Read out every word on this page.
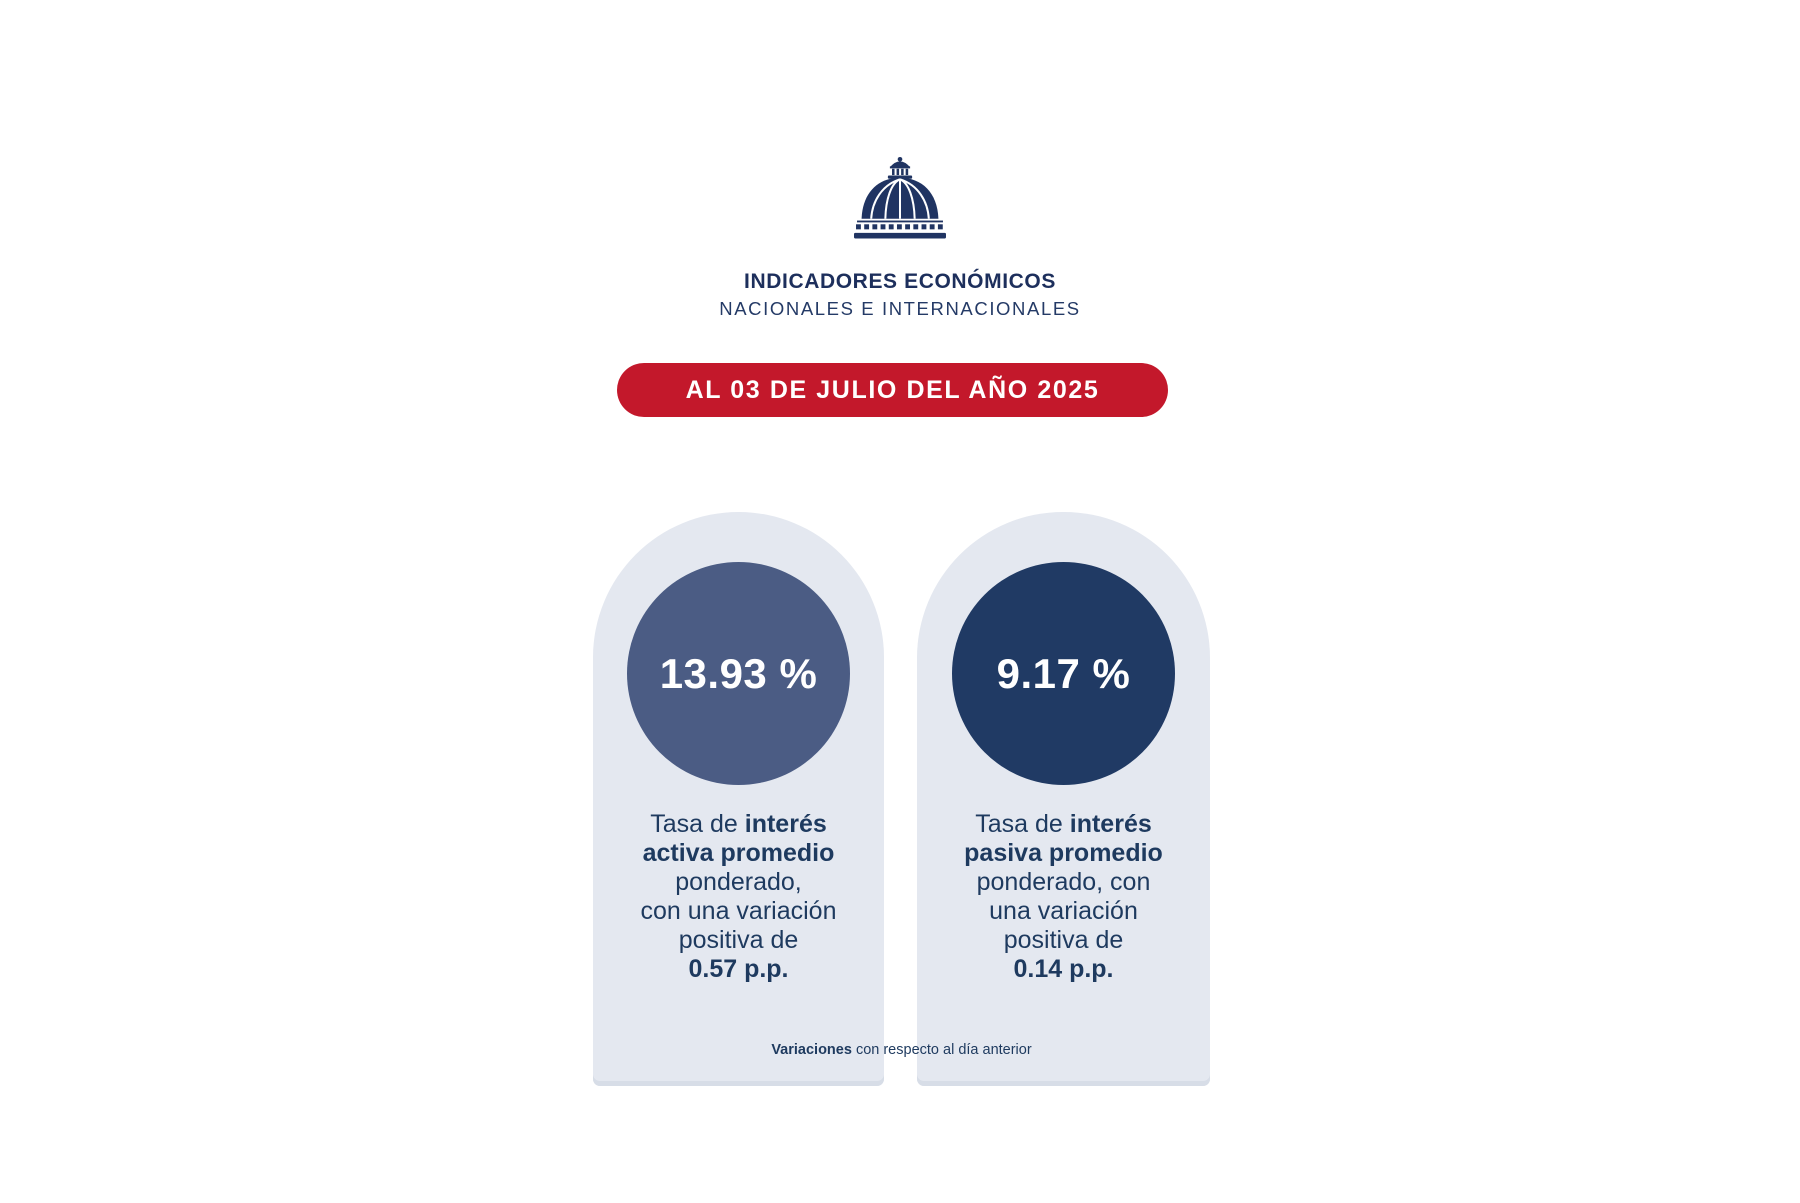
INDICADORES ECONÓMICOS
NACIONALES E INTERNACIONALES
AL 03 DE JULIO DEL AÑO 2025
13.93 %
Tasa de interés
activa promedio
ponderado,
con una variación
positiva de
0.57 p.p.
9.17 %
Tasa de interés
pasiva promedio
ponderado, con
una variación
positiva de
0.14 p.p.

Variaciones con respecto al día anterior
